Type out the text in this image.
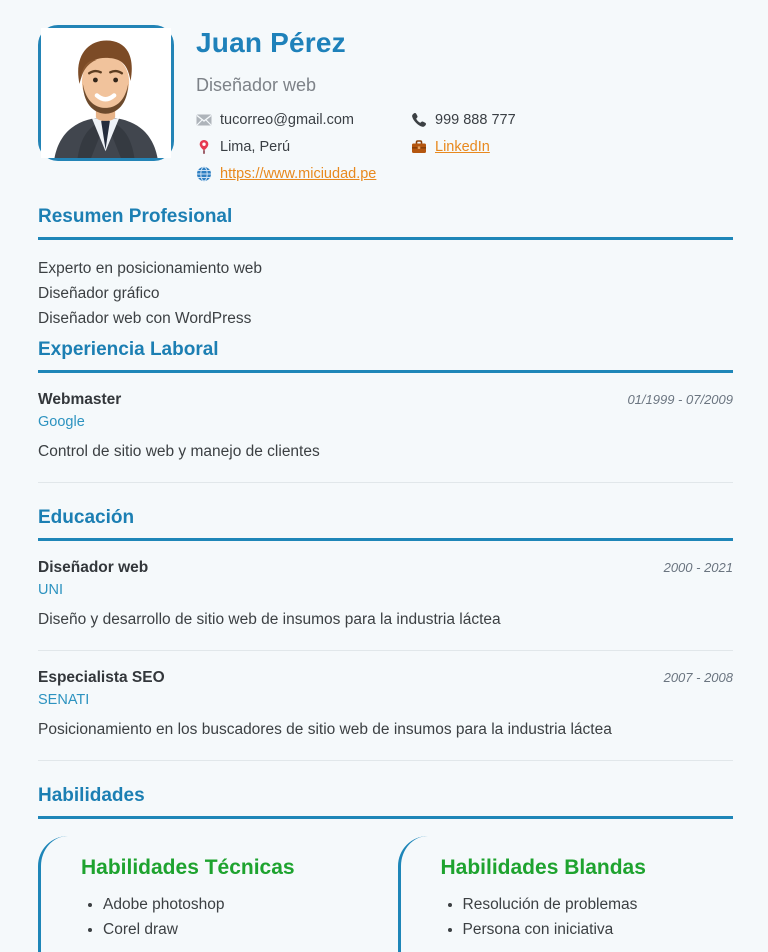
Juan Pérez
Diseñador web
tucorreo@gmail.com	999 888 777
Lima, Perú	LinkedIn
https://www.miciudad.pe
Resumen Profesional
Experto en posicionamiento web
Diseñador gráfico
Diseñador web con WordPress
Experiencia Laboral
Webmaster	01/1999 - 07/2009
Google
Control de sitio web y manejo de clientes
Educación
Diseñador web	2000 - 2021
UNI
Diseño y desarrollo de sitio web de insumos para la industria láctea
Especialista SEO	2007 - 2008
SENATI
Posicionamiento en los buscadores de sitio web de insumos para la industria láctea
Habilidades
Habilidades Técnicas
• Adobe photoshop
• Corel draw
Habilidades Blandas
• Resolución de problemas
• Persona con iniciativa
